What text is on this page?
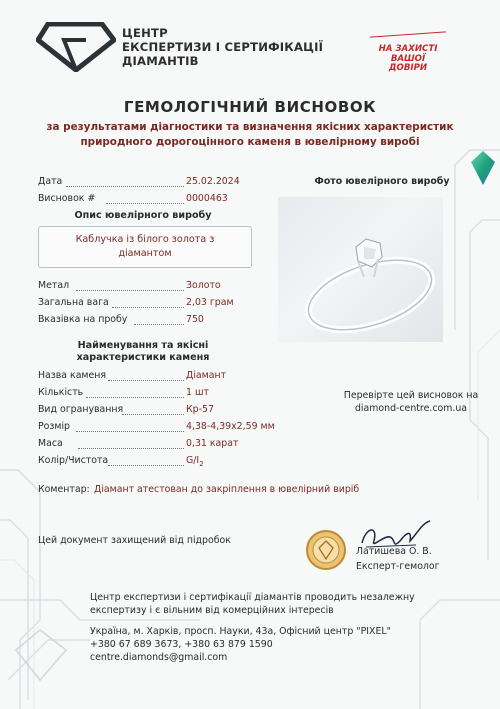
ЦЕНТР
ЕКСПЕРТИЗИ І СЕРТИФІКАЦІЇ
ДІАМАНТІВ
НА ЗАХИСТІ
ВАШОЇ
ДОВІРИ
ГЕМОЛОГІЧНИЙ ВИСНОВОК
за результатами діагностики та визначення якісних характеристик
природного дорогоцінного каменя в ювелірному виробі
Дата	25.02.2024
Висновок #	0000463
Фото ювелірного виробу
Опис ювелірного виробу
Каблучка із білого золота з
діамантом
Метал	Золото
Загальна вага	2,03 грам
Вказівка на пробу	750
Найменування та якісні
характеристики каменя
Назва каменя	Діамант
Кількість	1 шт
Вид огранування	Кр-57
Розмір	4,38-4,39х2,59 мм
Маса	0,31 карат
Колір/Чистота	$G/I_2$
Перевірте цей висновок на
diamond-centre.com.ua
Коментар: Діамант атестован до закріплення в ювелірний виріб
Цей документ захищений від підробок
Латишева О. В.
Експерт-гемолог
Центр експертизи і сертифікації діамантів проводить незалежну
експертизу і є вільним від комерційних інтересів
Україна, м. Харків, просп. Науки, 43а, Офісний центр "PIXEL"
+380 67 689 3673, +380 63 879 1590
centre.diamonds@gmail.com
